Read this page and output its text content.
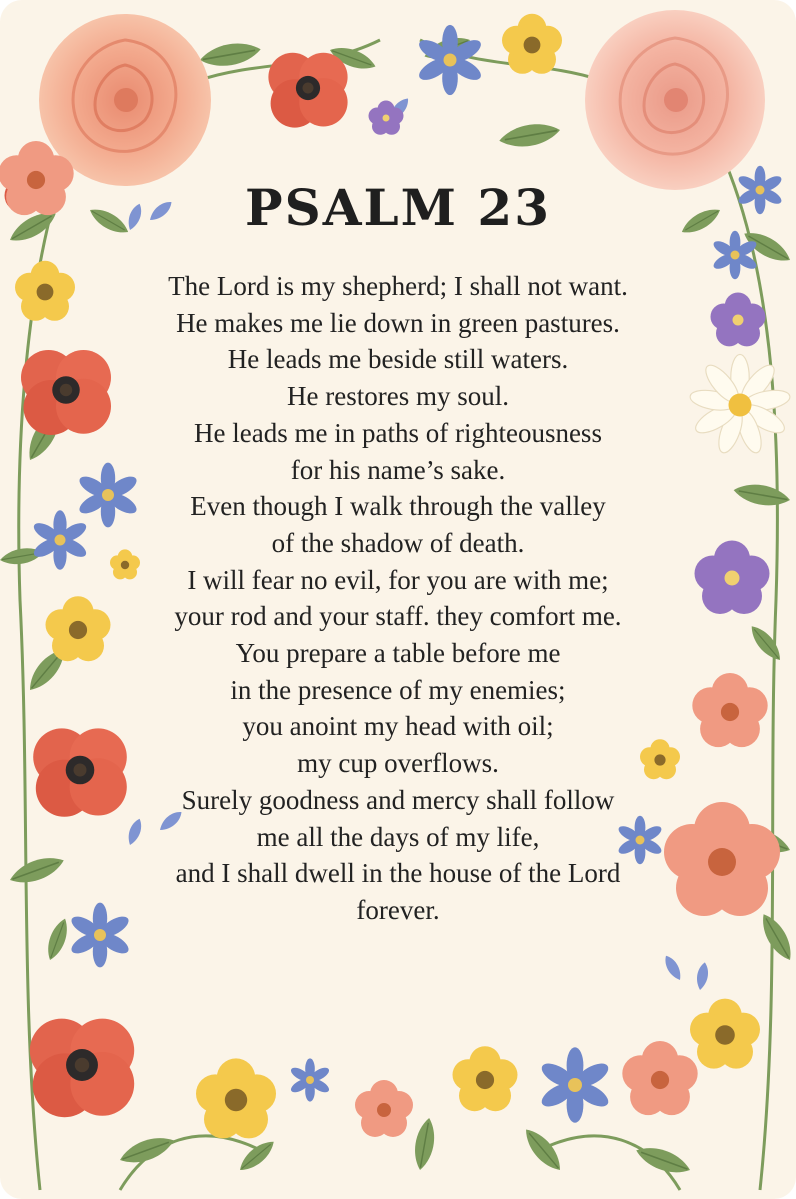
PSALM 23
The Lord is my shepherd; I shall not want.
He makes me lie down in green pastures.
He leads me beside still waters.
He restores my soul.
He leads me in paths of righteousness
for his name’s sake.
Even though I walk through the valley
of the shadow of death.
I will fear no evil, for you are with me;
your rod and your staff. they comfort me.
You prepare a table before me
in the presence of my enemies;
you anoint my head with oil;
my cup overflows.
Surely goodness and mercy shall follow
me all the days of my life,
and I shall dwell in the house of the Lord
forever.
